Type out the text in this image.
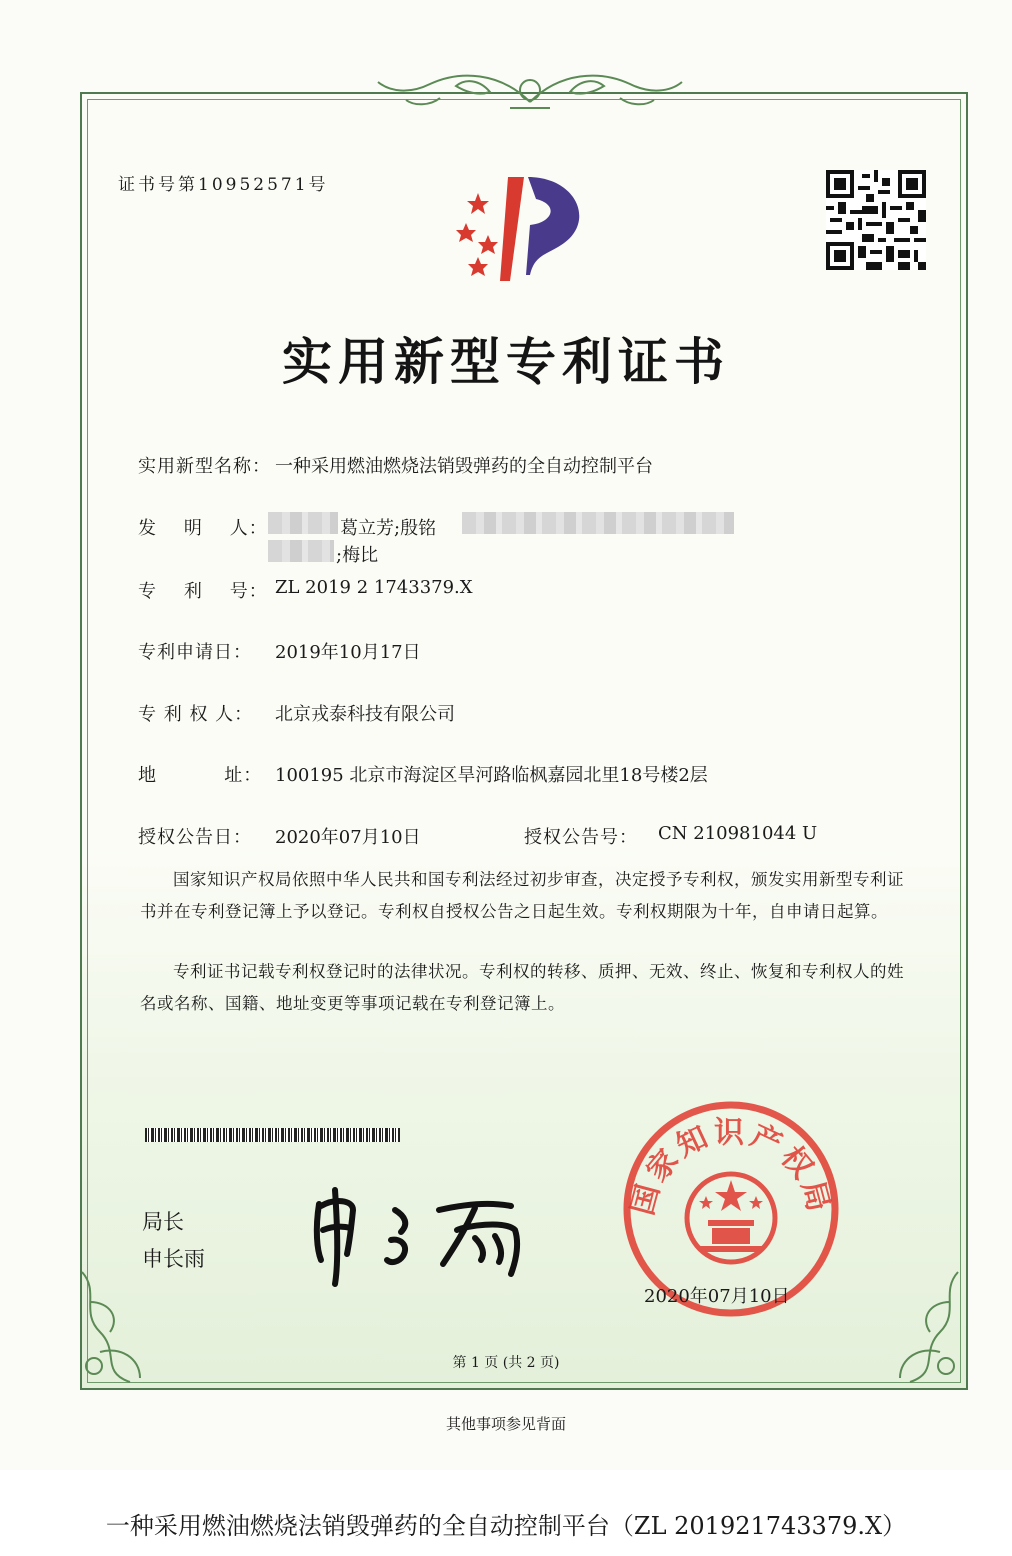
证书号第10952571号
实用新型专利证书
实用新型名称： 一种采用燃油燃烧法销毁弹药的全自动控制平台
发    明    人：	葛立芳;殷铭
;梅比
专    利    号： ZL 2019 2 1743379.X
专利申请日： 2019年10月17日
专 利 权 人： 北京戎泰科技有限公司
地          址： 100195 北京市海淀区旱河路临枫嘉园北里18号楼2层
授权公告日： 2020年07月10日	授权公告号： CN 210981044 U
国家知识产权局依照中华人民共和国专利法经过初步审查，决定授予专利权，颁发实用新型专利证书并在专利登记簿上予以登记。专利权自授权公告之日起生效。专利权期限为十年，自申请日起算。
专利证书记载专利权登记时的法律状况。专利权的转移、质押、无效、终止、恢复和专利权人的姓名或名称、国籍、地址变更等事项记载在专利登记簿上。
局长
申长雨
国家知识产权局
2020年07月10日
第 1 页 (共 2 页)
其他事项参见背面
一种采用燃油燃烧法销毁弹药的全自动控制平台（ZL 201921743379.X）
